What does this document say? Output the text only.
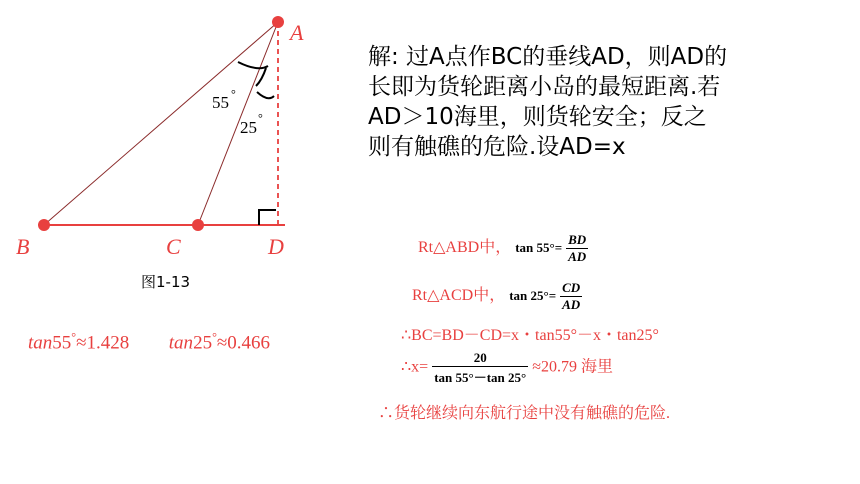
A
B	C	D
55 °
25 °
图1-13
tan55°≈1.428 tan25°≈0.466
解: 过A点作BC的垂线AD，则AD的
长即为货轮距离小岛的最短距离.若
AD＞10海里，则货轮安全；反之
则有触礁的危险.设AD=x
Rt△ABD中， $\tan 55^\circ= \frac{BD}{AD}$
Rt△ACD中， $\tan 25^\circ= \frac{CD}{AD}$
∴BC=BD－CD=x・tan55°－x・tan25°
∴x= $\frac{20}{\tan 55^\circ-\tan 25^\circ} \approx 20.79$ 海里
∴货轮继续向东航行途中没有触礁的危险.
